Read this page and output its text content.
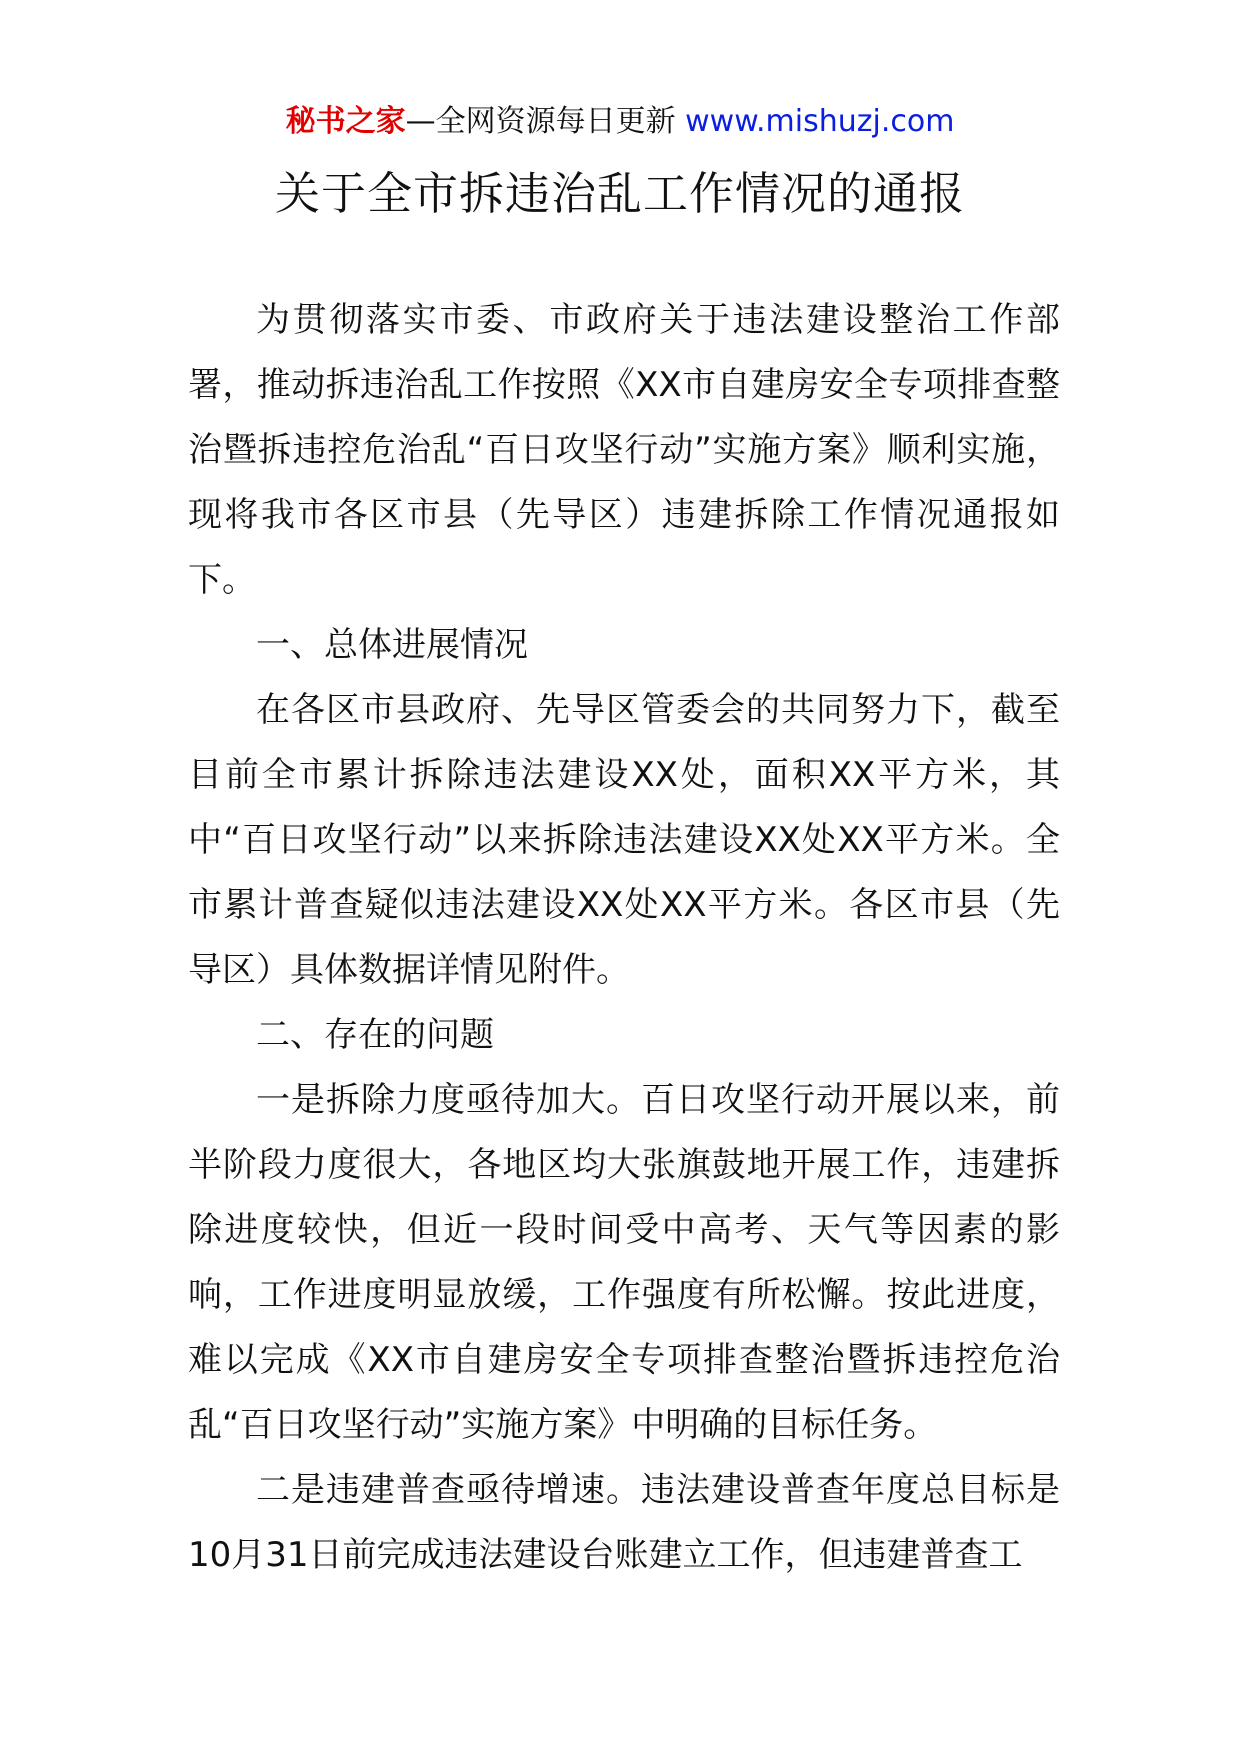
秘书之家—全网资源每日更新 www.mishuzj.com
关于全市拆违治乱工作情况的通报

为贯彻落实市委、市政府关于违法建设整治工作部署，推动拆违治乱工作按照《XX市自建房安全专项排查整治暨拆违控危治乱“百日攻坚行动”实施方案》顺利实施，现将我市各区市县（先导区）违建拆除工作情况通报如下。

一、总体进展情况

在各区市县政府、先导区管委会的共同努力下，截至目前全市累计拆除违法建设XX处，面积XX平方米，其中“百日攻坚行动”以来拆除违法建设XX处XX平方米。全市累计普查疑似违法建设XX处XX平方米。各区市县（先导区）具体数据详情见附件。

二、存在的问题

一是拆除力度亟待加大。百日攻坚行动开展以来，前半阶段力度很大，各地区均大张旗鼓地开展工作，违建拆除进度较快，但近一段时间受中高考、天气等因素的影响，工作进度明显放缓，工作强度有所松懈。按此进度，难以完成《XX市自建房安全专项排查整治暨拆违控危治乱“百日攻坚行动”实施方案》中明确的目标任务。

二是违建普查亟待增速。违法建设普查年度总目标是10月31日前完成违法建设台账建立工作，但违建普查工
